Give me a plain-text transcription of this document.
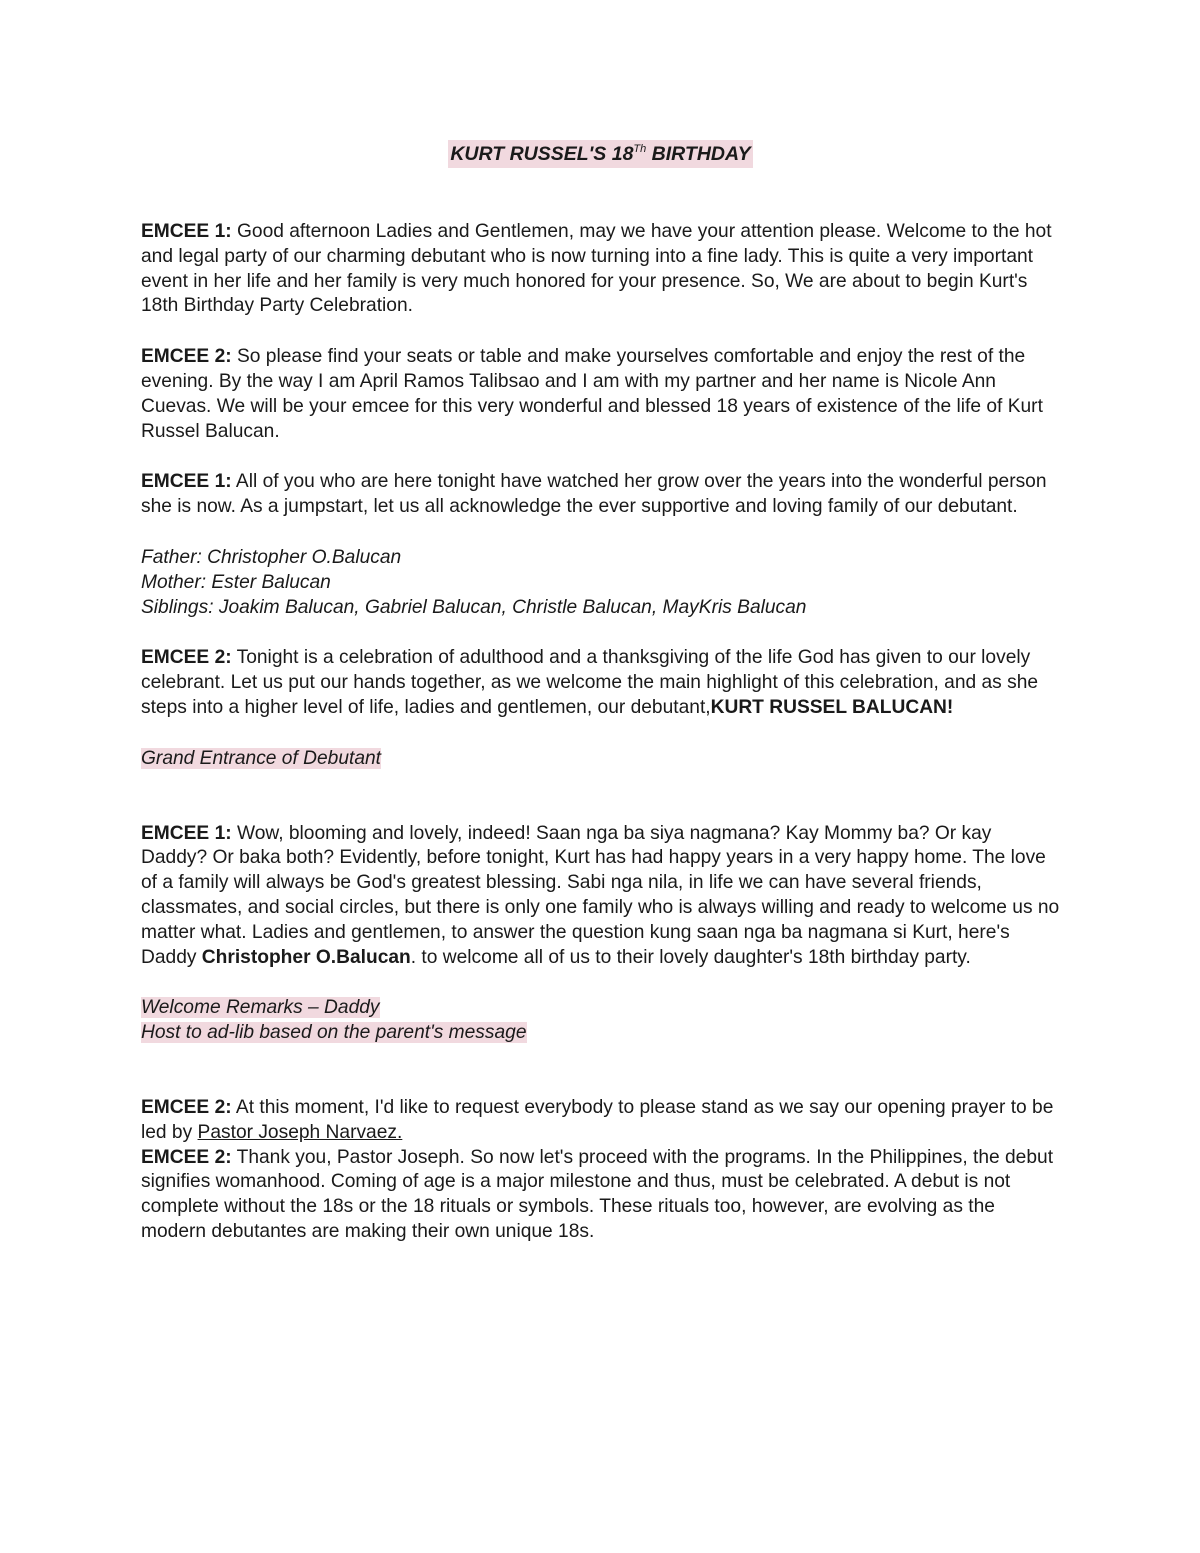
KURT RUSSEL'S 18Th BIRTHDAY

EMCEE 1: Good afternoon Ladies and Gentlemen, may we have your attention please. Welcome to the hot and legal party of our charming debutant who is now turning into a fine lady. This is quite a very important event in her life and her family is very much honored for your presence. So, We are about to begin Kurt's 18th Birthday Party Celebration.

EMCEE 2: So please find your seats or table and make yourselves comfortable and enjoy the rest of the evening. By the way I am April Ramos Talibsao and I am with my partner and her name is Nicole Ann Cuevas. We will be your emcee for this very wonderful and blessed 18 years of existence of the life of Kurt Russel Balucan.

EMCEE 1: All of you who are here tonight have watched her grow over the years into the wonderful person she is now. As a jumpstart, let us all acknowledge the ever supportive and loving family of our debutant.

Father: Christopher O.Balucan

Mother: Ester Balucan

Siblings: Joakim Balucan, Gabriel Balucan, Christle Balucan, MayKris Balucan

EMCEE 2: Tonight is a celebration of adulthood and a thanksgiving of the life God has given to our lovely celebrant. Let us put our hands together, as we welcome the main highlight of this celebration, and as she steps into a higher level of life, ladies and gentlemen, our debutant,KURT RUSSEL BALUCAN!

Grand Entrance of Debutant

EMCEE 1: Wow, blooming and lovely, indeed! Saan nga ba siya nagmana? Kay Mommy ba? Or kay Daddy? Or baka both? Evidently, before tonight, Kurt has had happy years in a very happy home. The love of a family will always be God's greatest blessing. Sabi nga nila, in life we can have several friends, classmates, and social circles, but there is only one family who is always willing and ready to welcome us no matter what. Ladies and gentlemen, to answer the question kung saan nga ba nagmana si Kurt, here's Daddy Christopher O.Balucan. to welcome all of us to their lovely daughter's 18th birthday party.

Welcome Remarks – Daddy

Host to ad-lib based on the parent's message

EMCEE 2: At this moment, I'd like to request everybody to please stand as we say our opening prayer to be led by Pastor Joseph Narvaez.

EMCEE 2: Thank you, Pastor Joseph. So now let's proceed with the programs. In the Philippines, the debut signifies womanhood. Coming of age is a major milestone and thus, must be celebrated. A debut is not complete without the 18s or the 18 rituals or symbols. These rituals too, however, are evolving as the modern debutantes are making their own unique 18s.
